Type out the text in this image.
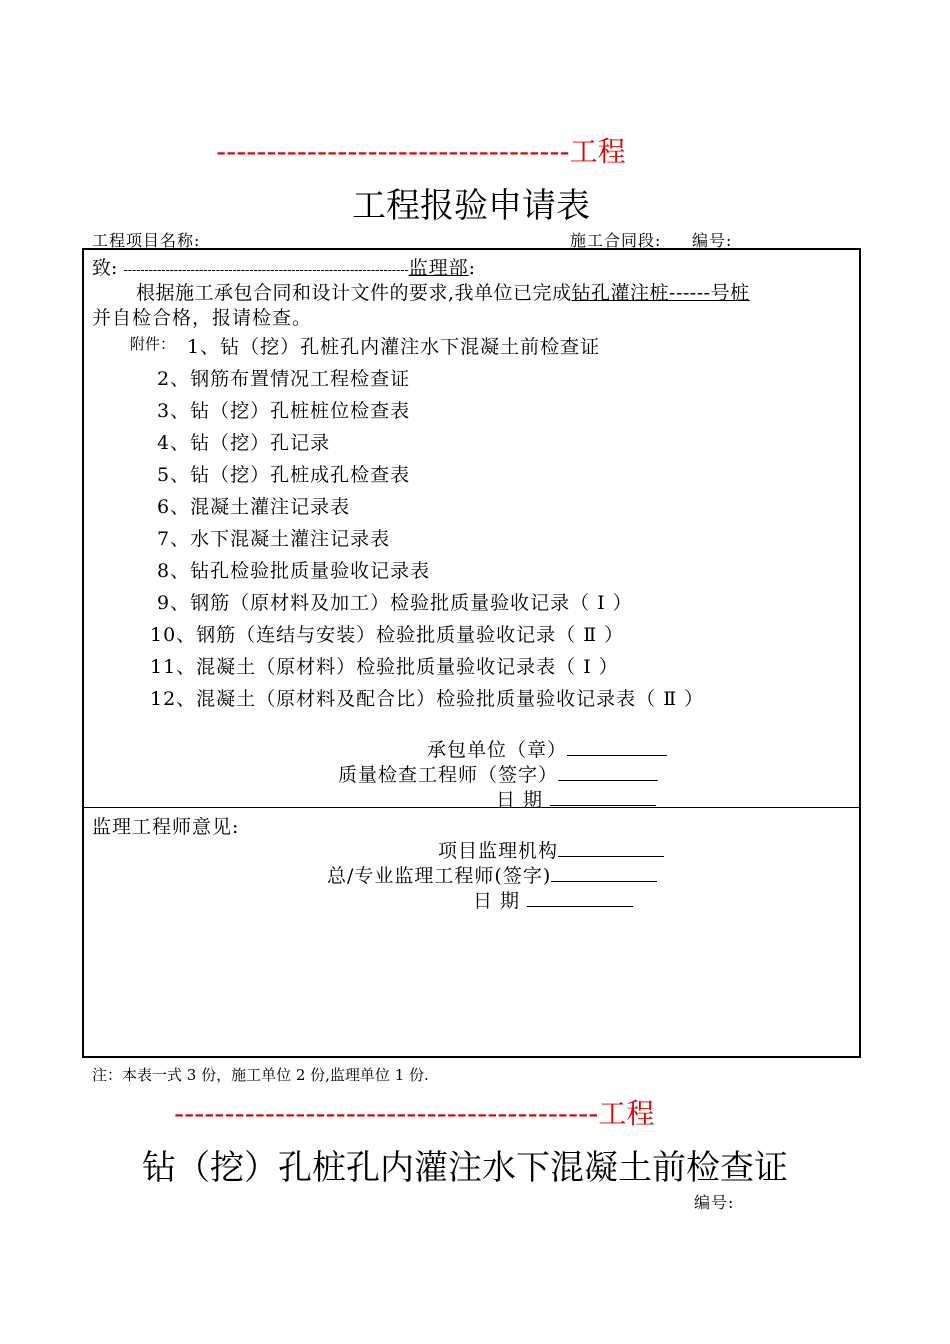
-----------------------------------工程
工程报验申请表
工程项目名称:	施工合同段: 编号:
致: --------------------------------------------------------------------监理部:
根据施工承包合同和设计文件的要求,我单位已完成钻孔灌注桩------号桩
并自检合格，报请检查。
附件： 1、钻（挖）孔桩孔内灌注水下混凝土前检查证
2、钢筋布置情况工程检查证
3、钻（挖）孔桩桩位检查表
4、钻（挖）孔记录
5、钻（挖）孔桩成孔检查表
6、混凝土灌注记录表
7、水下混凝土灌注记录表
8、钻孔检验批质量验收记录表
9、钢筋（原材料及加工）检验批质量验收记录（ Ⅰ ）
10、钢筋（连结与安装）检验批质量验收记录（ Ⅱ ）
11、混凝土（原材料）检验批质量验收记录表（ Ⅰ ）
12、混凝土（原材料及配合比）检验批质量验收记录表（ Ⅱ ）
承包单位（章）
质量检查工程师（签字）
日 期
监理工程师意见:
项目监理机构
总/专业监理工程师(签字)
日 期
注：本表一式 3 份，施工单位 2 份,监理单位 1 份.
------------------------------------------工程
钻（挖）孔桩孔内灌注水下混凝土前检查证
编号:
